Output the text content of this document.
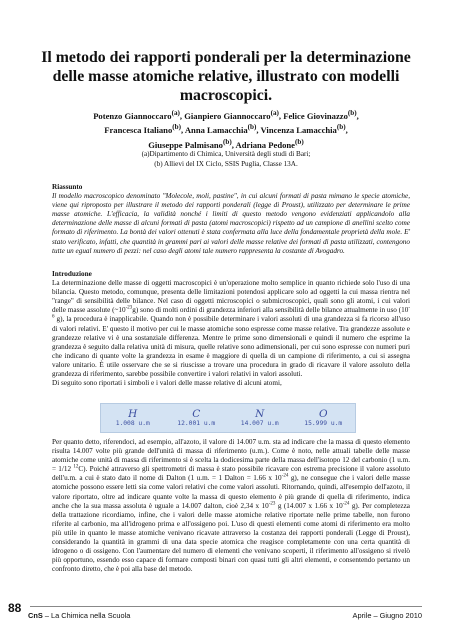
Il metodo dei rapporti ponderali per la determinazione delle masse atomiche relative, illustrato con modelli macroscopici.
Potenzo Giannoccaro$^{(a)}$, Gianpiero Giannoccaro$^{(a)}$, Felice Giovinazzo$^{(b)}$,
Francesca Italiano$^{(b)}$, Anna Lamacchia$^{(b)}$, Vincenza Lamacchia$^{(b)}$,
Giuseppe Palmisano$^{(b)}$, Adriana Pedone$^{(b)}$
(a)Dipartimento di Chimica, Università degli studi di Bari;
(b) Allievi del IX Ciclo, SSIS Puglia, Classe 13A.
Riassunto

Il modello macroscopico denominato "Molecole, moli, pastine", in cui alcuni formati di pasta mimano le specie atomiche, viene qui riproposto per illustrare il metodo dei rapporti ponderali (legge di Proust), utilizzato per determinare le prime masse atomiche. L'efficacia, la validità nonché i limiti di questo metodo vengono evidenziati applicandolo alla determinazione delle masse di alcuni formati di pasta (atomi macroscopici) rispetto ad un campione di anellini scelto come formato di riferimento. La bontà dei valori ottenuti è stata confermata alla luce della fondamentale proprietà della mole. E' stato verificato, infatti, che quantità in grammi pari ai valori delle masse relative dei formati di pasta utilizzati, contengono tutte un egual numero di pezzi: nel caso degli atomi tale numero rappresenta la costante di Avogadro.

Introduzione

La determinazione delle masse di oggetti macroscopici è un'operazione molto semplice in quanto richiede solo l'uso di una bilancia. Questo metodo, comunque, presenta delle limitazioni potendosi applicare solo ad oggetti la cui massa rientra nel "range" di sensibilità delle bilance. Nel caso di oggetti microscopici o submicroscopici, quali sono gli atomi, i cui valori delle masse assolute $(\sim 10^{-23}g)$ sono di molti ordini di grandezza inferiori alla sensibilità delle bilance attualmente in uso ($10^{-6}$ g), la procedura è inapplicabile. Quando non è possibile determinare i valori assoluti di una grandezza si fa ricorso all'uso di valori relativi. E' questo il motivo per cui le masse atomiche sono espresse come masse relative. Tra grandezze assolute e grandezze relative vi è una sostanziale differenza. Mentre le prime sono dimensionali e quindi il numero che esprime la grandezza è seguito dalla relativa unità di misura, quelle relative sono adimensionali, per cui sono espresse con numeri puri che indicano di quante volte la grandezza in esame è maggiore di quella di un campione di riferimento, a cui si assegna valore unitario. È utile osservare che se si riuscisse a trovare una procedura in grado di ricavare il valore assoluto della grandezza di riferimento, sarebbe possibile convertire i valori relativi in valori assoluti.

Di seguito sono riportati i simboli e i valori delle masse relative di alcuni atomi,

H
1.008 u.m
C
12.001 u.m
N
14.007 u.m
O
15.999 u.m

Per quanto detto, riferendoci, ad esempio, all'azoto, il valore di 14.007 u.m. sta ad indicare che la massa di questo elemento risulta 14.007 volte più grande dell'unità di massa di riferimento (u.m.). Come è noto, nelle attuali tabelle delle masse atomiche come unità di massa di riferimento si è scelta la dodicesima parte della massa dell'isotopo 12 del carbonio (1 u.m. = 1/12 $^{12}$C). Poiché attraverso gli spettrometri di massa è stato possibile ricavare con estrema precisione il valore assoluto dell'u.m. a cui è stato dato il nome di Dalton (1 u.m. = 1 Dalton = 1.66 x $10^{-24}$ g), ne consegue che i valori delle masse atomiche possono essere letti sia come valori relativi che come valori assoluti. Ritornando, quindi, all'esempio dell'azoto, il valore riportato, oltre ad indicare quante volte la massa di questo elemento è più grande di quella di riferimento, indica anche che la sua massa assoluta è uguale a 14.007 dalton, cioè 2,34 x $10^{-23}$ g (14.007 x 1.66 x $10^{-24}$ g). Per completezza della trattazione ricordiamo, infine, che i valori delle masse atomiche relative riportate nelle prime tabelle, non furono riferite al carbonio, ma all'idrogeno prima e all'ossigeno poi. L'uso di questi elementi come atomi di riferimento era molto più utile in quanto le masse atomiche venivano ricavate attraverso la costanza dei rapporti ponderali (Legge di Proust), considerando la quantità in grammi di una data specie atomica che reagisce completamente con una certa quantità di idrogeno o di ossigeno. Con l'aumentare del numero di elementi che venivano scoperti, il riferimento all'ossigeno si rivelò più opportuno, essendo esso capace di formare composti binari con quasi tutti gli altri elementi, e consentendo pertanto un confronto diretto, che è poi alla base del metodo.

88
CnS – La Chimica nella Scuola	Aprile – Giugno 2010
